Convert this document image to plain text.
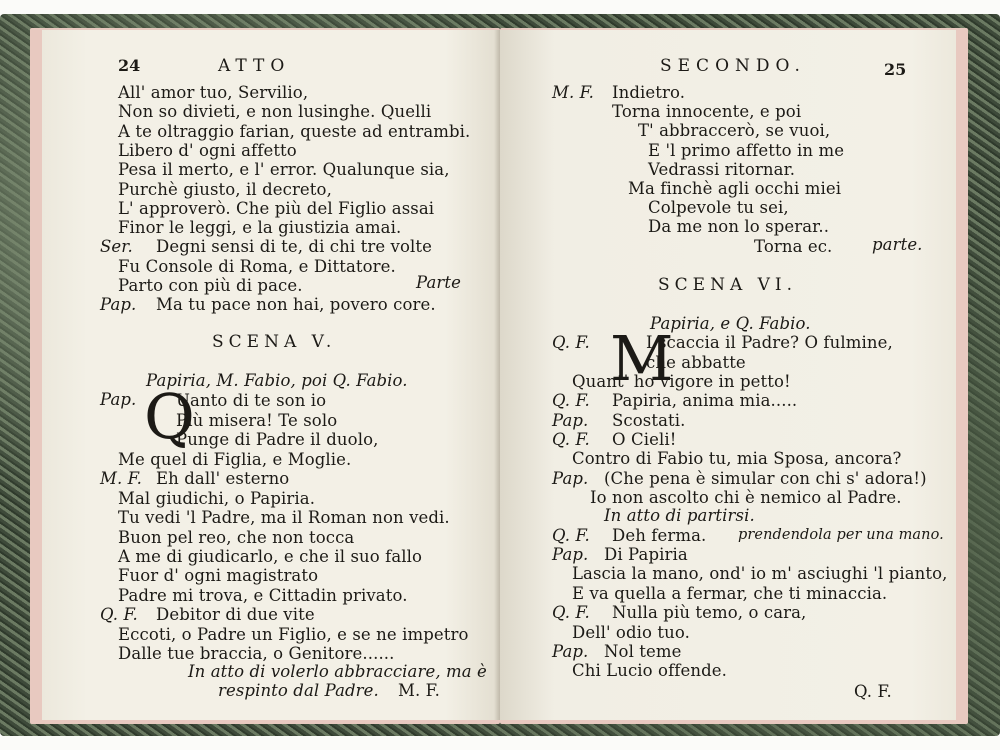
24	ATTO
All' amor tuo, Servilio,
Non so divieti, e non lusinghe. Quelli
A te oltraggio farian, queste ad entrambi.
Libero d' ogni affetto
Pesa il merto, e l' error. Qualunque sia,
Purchè giusto, il decreto,
L' approverò. Che più del Figlio assai
Finor le leggi, e la giustizia amai.
Ser. Degni sensi di te, di chi tre volte
Fu Console di Roma, e Dittatore.
Parto con più di pace.
Pap. Ma tu pace non hai, povero core.
Parte
SCENA V.
Papiria, M. Fabio, poi Q. Fabio.
Pap. Q
Uanto di te son io
Più misera! Te solo
Punge di Padre il duolo,
Me quel di Figlia, e Moglie.
M. F. Eh dall' esterno
Mal giudichi, o Papiria.
Tu vedi 'l Padre, ma il Roman non vedi.
Buon pel reo, che non tocca
A me di giudicarlo, e che il suo fallo
Fuor d' ogni magistrato
Padre mi trova, e Cittadin privato.
Q. F. Debitor di due vite
Eccoti, o Padre un Figlio, e se ne impetro
Dalle tue braccia, o Genitore......
In atto di volerlo abbracciare, ma è
respinto dal Padre. M. F.
SECONDO.	25
M. F. Indietro.
Torna innocente, e poi
T' abbraccerò, se vuoi,
E 'l primo affetto in me
Vedrassi ritornar.
Ma finchè agli occhi miei
Colpevole tu sei,
Da me non lo sperar..
Torna ec. parte.
SCENA VI.
Papiria, e Q. Fabio.
Q. F. M
I scaccia il Padre? O fulmine,
che abbatte
Quant' ho vigore in petto!
Q. F. Papiria, anima mia.....
Pap. Scostati.
Q. F. O Cieli!
Contro di Fabio tu, mia Sposa, ancora?
Pap. (Che pena è simular con chi s' adora!)
Io non ascolto chi è nemico al Padre.
In atto di partirsi.
Q. F. Deh ferma. prendendola per una mano.
Pap. Di Papiria
Lascia la mano, ond' io m' asciughi 'l pianto,
E va quella a fermar, che ti minaccia.
Q. F. Nulla più temo, o cara,
Dell' odio tuo.
Pap. Nol teme
Chi Lucio offende.
Q. F.
